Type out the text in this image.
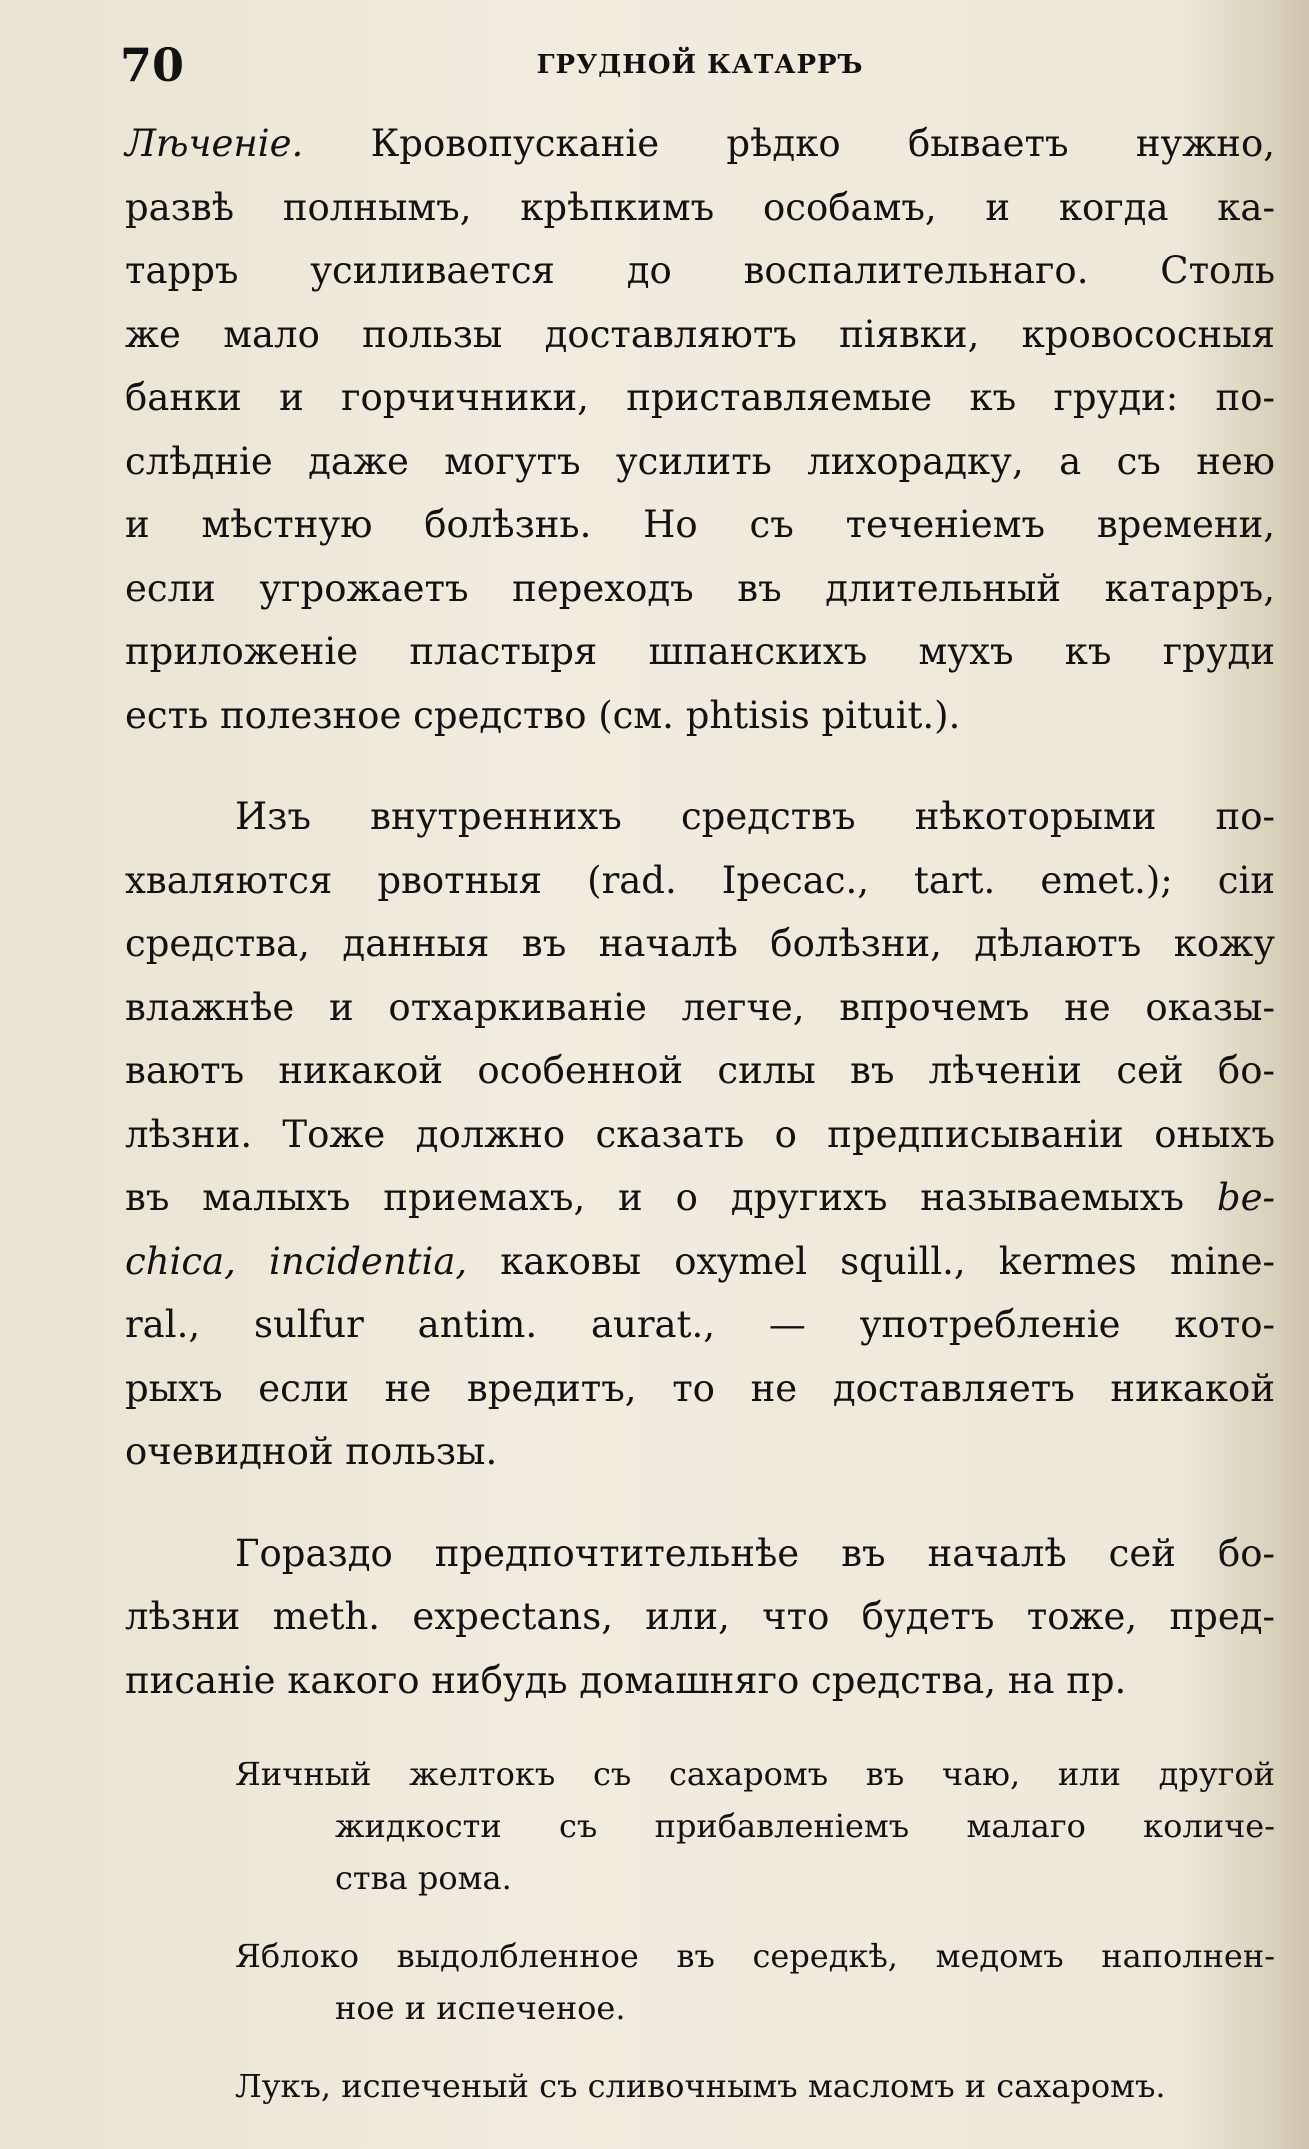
70	ГРУДНОЙ КАТАРРЪ

Лѣченіе. Кровопусканіе рѣдко бываетъ нужно,
развѣ полнымъ, крѣпкимъ особамъ, и когда ка-
тарръ усиливается до воспалительнаго. Столь
же мало пользы доставляютъ піявки, кровососныя
банки и горчичники, приставляемые къ груди: по-
слѣдніе даже могутъ усилить лихорадку, а съ нею
и мѣстную болѣзнь. Но съ теченіемъ времени,
если угрожаетъ переходъ въ длительный катарръ,
приложеніе пластыря шпанскихъ мухъ къ груди
есть полезное средство (см. phtisis pituit.).

Изъ внутреннихъ средствъ нѣкоторыми по-
хваляются рвотныя (rad. Ipecac., tart. emet.); сіи
средства, данныя въ началѣ болѣзни, дѣлаютъ кожу
влажнѣе и отхаркиваніе легче, впрочемъ не оказы-
ваютъ никакой особенной силы въ лѣченіи сей бо-
лѣзни. Тоже должно сказать о предписываніи оныхъ
въ малыхъ приемахъ, и о другихъ называемыхъ be-
chica, incidentia, каковы oxymel squill., kermes mine-
ral., sulfur antim. aurat., — употребленіе кото-
рыхъ если не вредитъ, то не доставляетъ никакой
очевидной пользы.

Гораздо предпочтительнѣе въ началѣ сей бо-
лѣзни meth. expectans, или, что будетъ тоже, пред-
писаніе какого нибудь домашняго средства, на пр.

Яичный желтокъ съ сахаромъ въ чаю, или другой
жидкости съ прибавленіемъ малаго количе-
ства рома.
Яблоко выдолбленное въ середкѣ, медомъ наполнен-
ное и испеченое.
Лукъ, испеченый съ сливочнымъ масломъ и сахаромъ.
